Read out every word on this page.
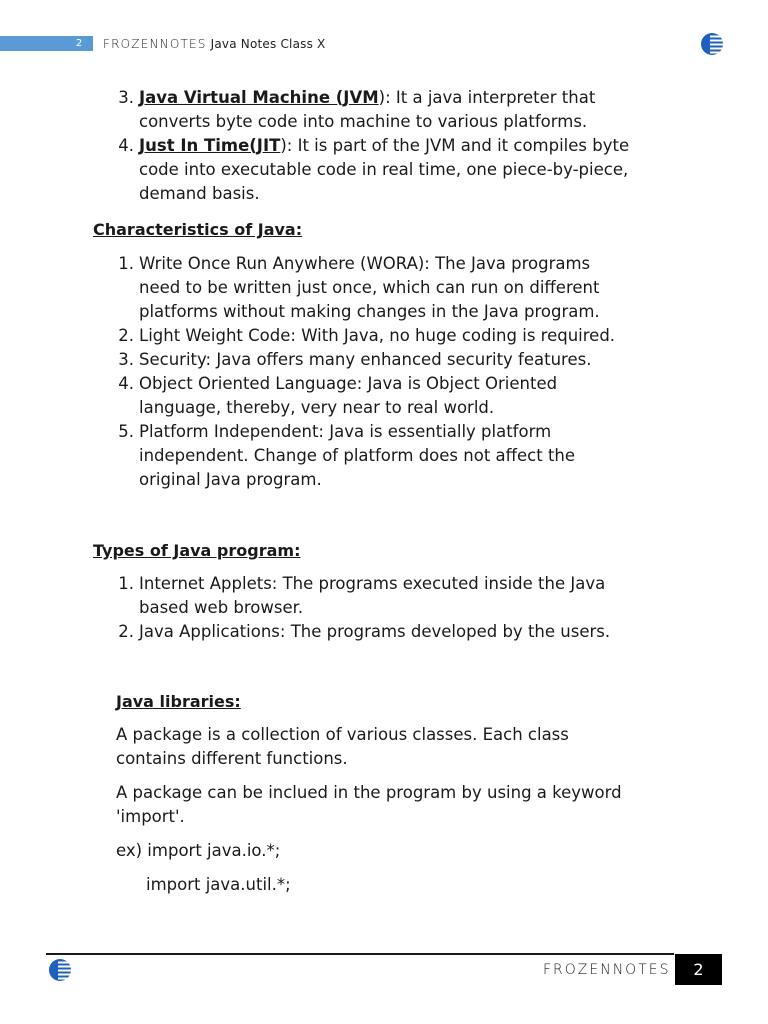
2	FROZENNOTES Java Notes Class X
3. Java Virtual Machine (JVM): It a java interpreter that
converts byte code into machine to various platforms.
4. Just In Time(JIT): It is part of the JVM and it compiles byte
code into executable code in real time, one piece-by-piece,
demand basis.
Characteristics of Java:
1. Write Once Run Anywhere (WORA): The Java programs
need to be written just once, which can run on different
platforms without making changes in the Java program.
2. Light Weight Code: With Java, no huge coding is required.
3. Security: Java offers many enhanced security features.
4. Object Oriented Language: Java is Object Oriented
language, thereby, very near to real world.
5. Platform Independent: Java is essentially platform
independent. Change of platform does not affect the
original Java program.
Types of Java program:
1. Internet Applets: The programs executed inside the Java
based web browser.
2. Java Applications: The programs developed by the users.
Java libraries:
A package is a collection of various classes. Each class
contains different functions.
A package can be inclued in the program by using a keyword
'import'.
ex) import java.io.*;
import java.util.*;
FROZENNOTES	2
